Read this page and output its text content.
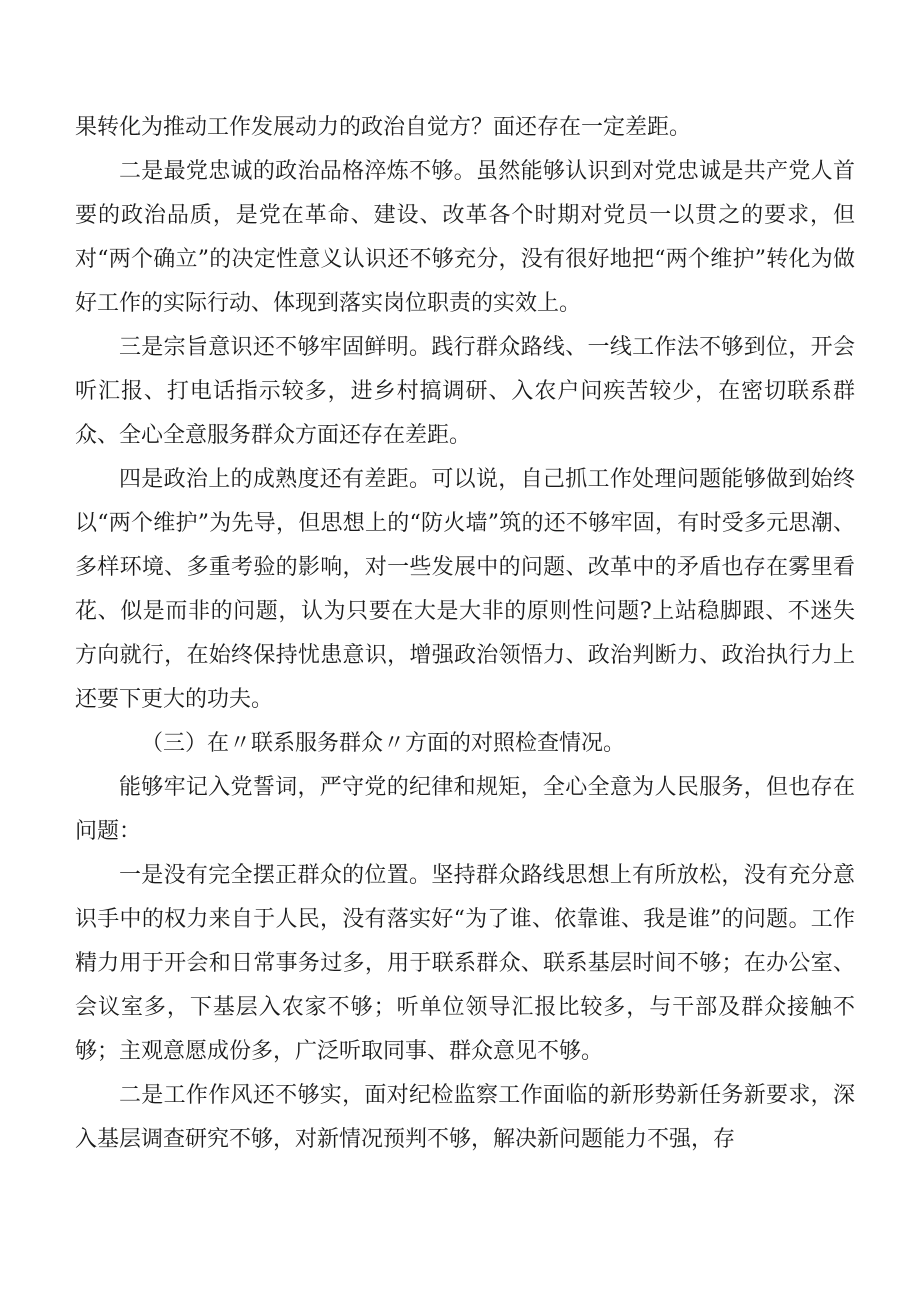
果转化为推动工作发展动力的政治自觉方？面还存在一定差距。

二是最党忠诚的政治品格淬炼不够。虽然能够认识到对党忠诚是共产党人首要的政治品质，是党在革命、建设、改革各个时期对党员一以贯之的要求，但对“两个确立”的决定性意义认识还不够充分，没有很好地把“两个维护”转化为做好工作的实际行动、体现到落实岗位职责的实效上。

三是宗旨意识还不够牢固鲜明。践行群众路线、一线工作法不够到位，开会听汇报、打电话指示较多，进乡村搞调研、入农户问疾苦较少，在密切联系群众、全心全意服务群众方面还存在差距。

四是政治上的成熟度还有差距。可以说，自己抓工作处理问题能够做到始终以“两个维护”为先导，但思想上的“防火墙”筑的还不够牢固，有时受多元思潮、多样环境、多重考验的影响，对一些发展中的问题、改革中的矛盾也存在雾里看花、似是而非的问题，认为只要在大是大非的原则性问题?上站稳脚跟、不迷失方向就行，在始终保持忧患意识，增强政治领悟力、政治判断力、政治执行力上还要下更大的功夫。

（三）在〃联系服务群众〃方面的对照检查情况。

能够牢记入党誓词，严守党的纪律和规矩，全心全意为人民服务，但也存在问题：

一是没有完全摆正群众的位置。坚持群众路线思想上有所放松，没有充分意识手中的权力来自于人民，没有落实好“为了谁、依靠谁、我是谁”的问题。工作精力用于开会和日常事务过多，用于联系群众、联系基层时间不够；在办公室、会议室多，下基层入农家不够；听单位领导汇报比较多，与干部及群众接触不够；主观意愿成份多，广泛听取同事、群众意见不够。

二是工作作风还不够实，面对纪检监察工作面临的新形势新任务新要求，深入基层调查研究不够，对新情况预判不够，解决新问题能力不强，存
